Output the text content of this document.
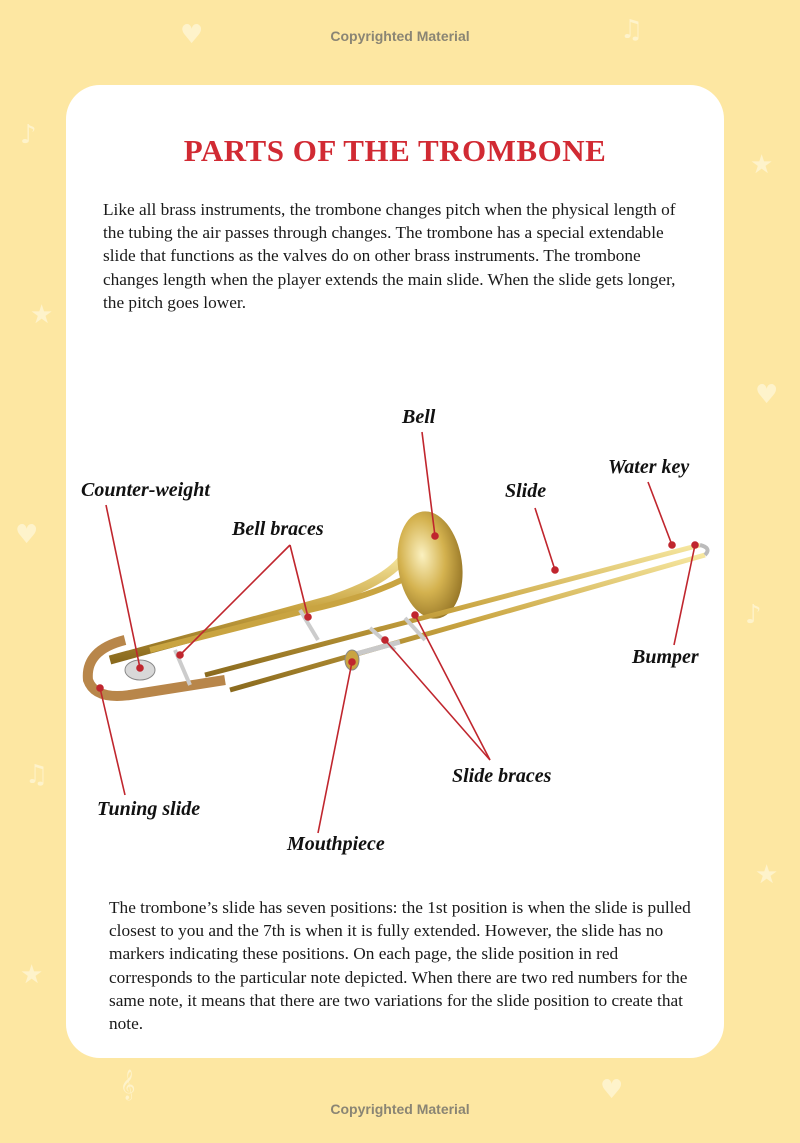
♪
★
♥
♫
★
★
♥
♪
★
𝄞	♥
♥	♫
Copyrighted Material
Copyrighted Material
PARTS OF THE TROMBONE
Like all brass instruments, the trombone changes pitch when the physical length of the tubing the air passes through changes. The trombone has a special extendable slide that functions as the valves do on other brass instruments. The trombone changes length when the player extends the main slide. When the slide gets longer, the pitch goes lower.
The trombone’s slide has seven positions: the 1st position is when the slide is pulled closest to you and the 7th is when it is fully extended. However, the slide has no markers indicating these positions. On each page, the slide position in red corresponds to the particular note depicted. When there are two red numbers for the same note, it means that there are two variations for the slide position to create that note.
Bell
Counter-weight
Bell braces
Slide
Water key
Bumper
Slide braces
Tuning slide
Mouthpiece
